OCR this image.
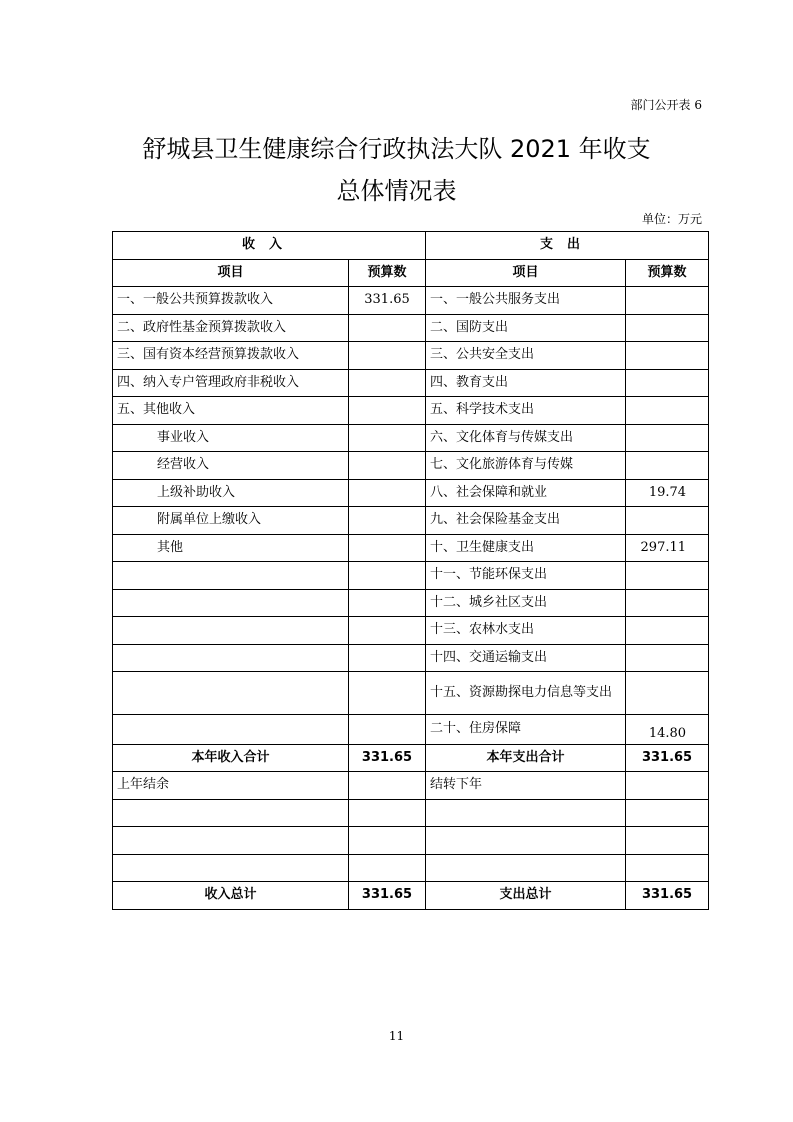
部门公开表 6
舒城县卫生健康综合行政执法大队 2021 年收支
总体情况表
单位：万元
收入		支出	
项目	预算数	项目	预算数
一、一般公共预算拨款收入	331.65	一、一般公共服务支出	
二、政府性基金预算拨款收入		二、国防支出	
三、国有资本经营预算拨款收入		三、公共安全支出	
四、纳入专户管理政府非税收入		四、教育支出	
五、其他收入		五、科学技术支出	
事业收入		六、文化体育与传媒支出	
经营收入		七、文化旅游体育与传媒	
上级补助收入		八、社会保障和就业	19.74
附属单位上缴收入		九、社会保险基金支出	
其他		十、卫生健康支出	297.11
		十一、节能环保支出	
		十二、城乡社区支出	
		十三、农林水支出	
		十四、交通运输支出	
		十五、资源勘探电力信息等支出	
		二十、住房保障	14.80
本年收入合计	331.65	本年支出合计	331.65
上年结余		结转下年	

收入总计	331.65	支出总计	331.65
11
